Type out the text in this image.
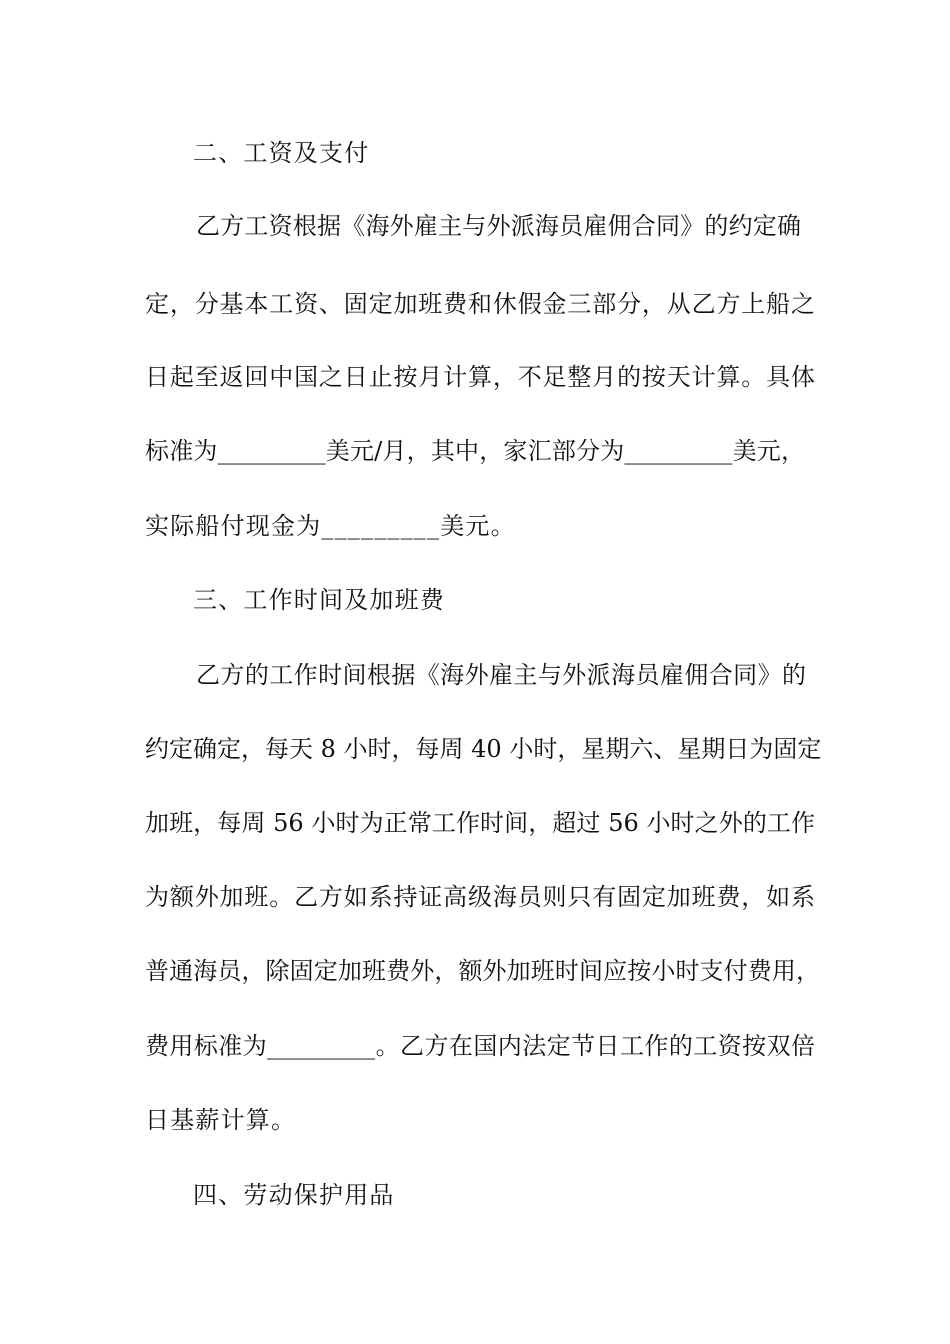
二、工资及支付
乙方工资根据《海外雇主与外派海员雇佣合同》的约定确
定，分基本工资、固定加班费和休假金三部分，从乙方上船之
日起至返回中国之日止按月计算，不足整月的按天计算。具体
标准为_________美元/月，其中，家汇部分为_________美元，
实际船付现金为_________美元。
三、工作时间及加班费
乙方的工作时间根据《海外雇主与外派海员雇佣合同》的
约定确定，每天 8 小时，每周 40 小时，星期六、星期日为固定
加班，每周 56 小时为正常工作时间，超过 56 小时之外的工作
为额外加班。乙方如系持证高级海员则只有固定加班费，如系
普通海员，除固定加班费外，额外加班时间应按小时支付费用，
费用标准为_________。乙方在国内法定节日工作的工资按双倍
日基薪计算。
四、劳动保护用品
